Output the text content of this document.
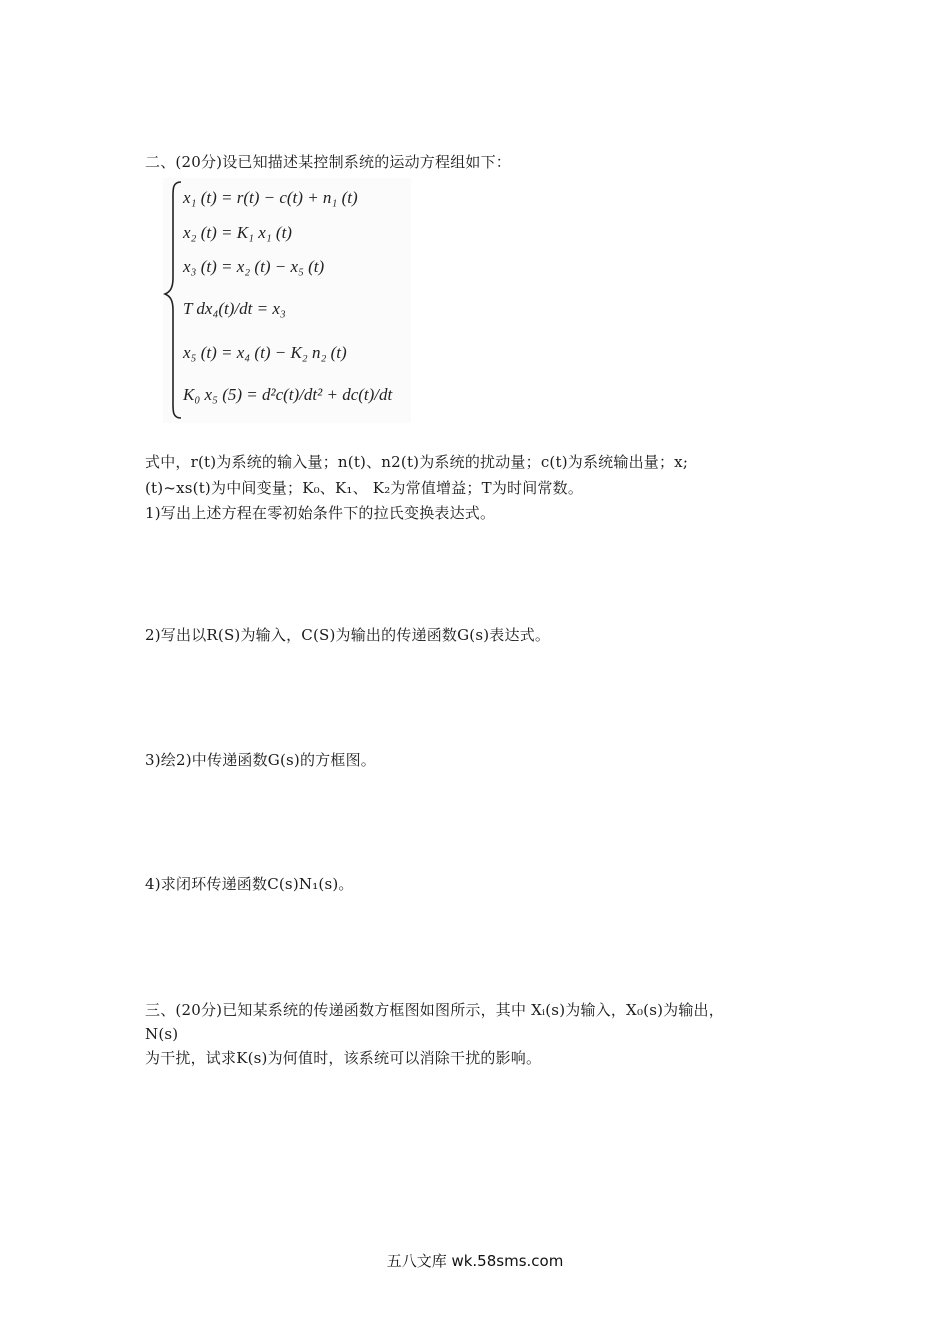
二、(20分)设已知描述某控制系统的运动方程组如下：
x₁ (t) = r(t) − c(t) + n₁ (t)
x₂ (t) = K₁ x₁ (t)
x₃ (t) = x₂ (t) − x₅ (t)
T dx₄(t)/dt = x₃
x₅ (t) = x₄ (t) − K₂ n₂ (t)
K₀ x₅ (5) = d²c(t)/dt² + dc(t)/dt
式中，r(t)为系统的输入量；n(t)、n2(t)为系统的扰动量；c(t)为系统输出量；x;
(t)~xs(t)为中间变量；K₀、K₁、 K₂为常值增益；T为时间常数。
1)写出上述方程在零初始条件下的拉氏变换表达式。
2)写出以R(S)为输入，C(S)为输出的传递函数G(s)表达式。
3)绘2)中传递函数G(s)的方框图。
4)求闭环传递函数C(s)N₁(s)。
三、(20分)已知某系统的传递函数方框图如图所示，其中 Xᵢ(s)为输入，X₀(s)为输出，
N(s)
为干扰，试求K(s)为何值时，该系统可以消除干扰的影响。
五八文库 wk.58sms.com
